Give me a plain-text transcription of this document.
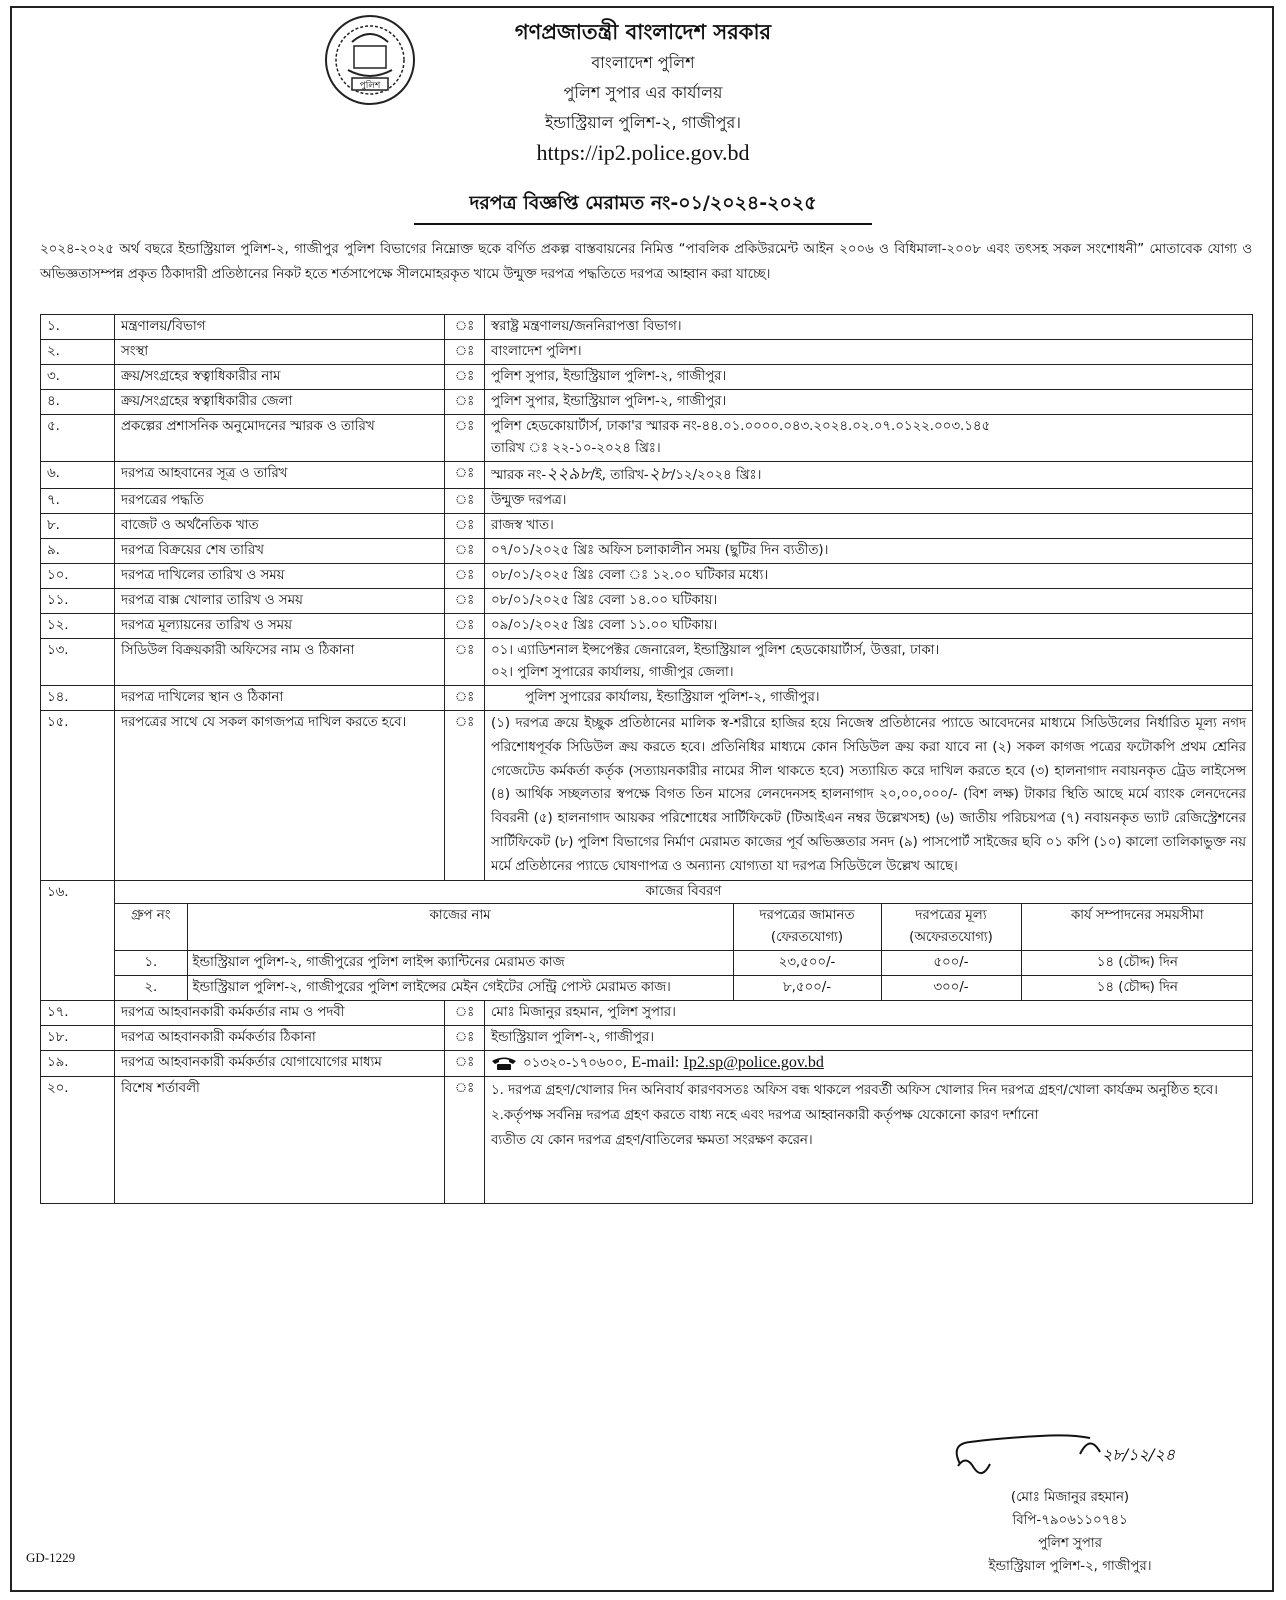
পুলিশ
গণপ্রজাতন্ত্রী বাংলাদেশ সরকার
বাংলাদেশ পুলিশ
পুলিশ সুপার এর কার্যালয়
ইন্ডাস্ট্রিয়াল পুলিশ-২, গাজীপুর।
https://ip2.police.gov.bd
দরপত্র বিজ্ঞপ্তি মেরামত নং-০১/২০২৪-২০২৫
২০২৪-২০২৫ অর্থ বছরে ইন্ডাস্ট্রিয়াল পুলিশ-২, গাজীপুর পুলিশ বিভাগের নিম্নোক্ত ছকে বর্ণিত প্রকল্প বাস্তবায়নের নিমিত্ত “পাবলিক প্রকিউরমেন্ট আইন ২০০৬ ও বিধিমালা-২০০৮ এবং তৎসহ সকল সংশোধনী” মোতাবেক যোগ্য ও অভিজ্ঞতাসম্পন্ন প্রকৃত ঠিকাদারী প্রতিষ্ঠানের নিকট হতে শর্তসাপেক্ষে সীলমোহরকৃত খামে উন্মুক্ত দরপত্র পদ্ধতিতে দরপত্র আহ্বান করা যাচ্ছে।
১.	মন্ত্রণালয়/বিভাগ	ঃ	স্বরাষ্ট্র মন্ত্রণালয়/জননিরাপত্তা বিভাগ।
২.	সংস্থা	ঃ	বাংলাদেশ পুলিশ।
৩.	ক্রয়/সংগ্রহের স্বত্বাধিকারীর নাম	ঃ	পুলিশ সুপার, ইন্ডাস্ট্রিয়াল পুলিশ-২, গাজীপুর।
৪.	ক্রয়/সংগ্রহের স্বত্বাধিকারীর জেলা	ঃ	পুলিশ সুপার, ইন্ডাস্ট্রিয়াল পুলিশ-২, গাজীপুর।
৫.	প্রকল্পের প্রশাসনিক অনুমোদনের স্মারক ও তারিখ	ঃ	পুলিশ হেডকোয়ার্টার্স, ঢাকা'র স্মারক নং-৪৪.০১.০০০০.০৪৩.২০২৪.০২.০৭.০১২২.০০৩.১৪৫
তারিখ ঃ ২২-১০-২০২৪ খ্রিঃ।

৬.	দরপত্র আহবানের সূত্র ও তারিখ	ঃ	স্মারক নং-২২৯৮/ই, তারিখ-২৮/১২/২০২৪ খ্রিঃ।
৭.	দরপত্রের পদ্ধতি	ঃ	উন্মুক্ত দরপত্র।
৮.	বাজেট ও অর্থনৈতিক খাত	ঃ	রাজস্ব খাত।
৯.	দরপত্র বিক্রয়ের শেষ তারিখ	ঃ	০৭/০১/২০২৫ খ্রিঃ অফিস চলাকালীন সময় (ছুটির দিন ব্যতীত)।
১০.	দরপত্র দাখিলের তারিখ ও সময়	ঃ	০৮/০১/২০২৫ খ্রিঃ বেলা ঃ ১২.০০ ঘটিকার মধ্যে।
১১.	দরপত্র বাক্স খোলার তারিখ ও সময়	ঃ	০৮/০১/২০২৫ খ্রিঃ বেলা ১৪.০০ ঘটিকায়।
১২.	দরপত্র মূল্যায়নের তারিখ ও সময়	ঃ	০৯/০১/২০২৫ খ্রিঃ বেলা ১১.০০ ঘটিকায়।
১৩.	সিডিউল বিক্রয়কারী অফিসের নাম ও ঠিকানা	ঃ	০১। এ্যাডিশনাল ইন্সপেক্টর জেনারেল, ইন্ডাস্ট্রিয়াল পুলিশ হেডকোয়ার্টার্স, উত্তরা, ঢাকা।
০২। পুলিশ সুপারের কার্যালয়, গাজীপুর জেলা।

১৪.	দরপত্র দাখিলের স্থান ও ঠিকানা	ঃ	পুলিশ সুপারের কার্যালয়, ইন্ডাস্ট্রিয়াল পুলিশ-২, গাজীপুর।
১৫.	দরপত্রের সাথে যে সকল কাগজপত্র দাখিল করতে হবে।	ঃ	(১) দরপত্র ক্রয়ে ইচ্ছুক প্রতিষ্ঠানের মালিক স্ব-শরীরে হাজির হয়ে নিজেস্ব প্রতিষ্ঠানের প্যাডে আবেদনের মাধ্যমে সিডিউলের নির্ধারিত মূল্য নগদ পরিশোধপূর্বক সিডিউল ক্রয় করতে হবে। প্রতিনিধির মাধ্যমে কোন সিডিউল ক্রয় করা যাবে না (২) সকল কাগজ পত্রের ফটোকপি প্রথম শ্রেনির গেজেটেড কর্মকর্তা কর্তৃক (সত্যায়নকারীর নামের সীল থাকতে হবে) সত্যায়িত করে দাখিল করতে হবে (৩) হালনাগাদ নবায়নকৃত ট্রেড লাইসেন্স (৪) আর্থিক সচ্ছলতার স্বপক্ষে বিগত তিন মাসের লেনদেনসহ হালনাগাদ ২০,০০,০০০/- (বিশ লক্ষ) টাকার স্থিতি আছে মর্মে ব্যাংক লেনদেনের বিবরনী (৫) হালনাগাদ আয়কর পরিশোধের সার্টিফিকেট (টিআইএন নম্বর উল্লেখসহ) (৬) জাতীয় পরিচয়পত্র (৭) নবায়নকৃত ভ্যাট রেজিস্ট্রেশনের সার্টিফিকেট (৮) পুলিশ বিভাগের নির্মাণ মেরামত কাজের পূর্ব অভিজ্ঞতার সনদ (৯) পাসপোর্ট সাইজের ছবি ০১ কপি (১০) কালো তালিকাভুক্ত নয় মর্মে প্রতিষ্ঠানের প্যাডে ঘোষণাপত্র ও অন্যান্য যোগ্যতা যা দরপত্র সিডিউলে উল্লেখ আছে।
১৬.	কাজের বিবরণ
গ্রুপ নং	কাজের নাম	দরপত্রের জামানত (ফেরতযোগ্য)	দরপত্রের মূল্য (অফেরতযোগ্য)	কার্য সম্পাদনের সময়সীমা
১.	ইন্ডাস্ট্রিয়াল পুলিশ-২, গাজীপুরের পুলিশ লাইন্স ক্যান্টিনের মেরামত কাজ	২৩,৫০০/-	৫০০/-	১৪ (চৌদ্দ) দিন
২.	ইন্ডাস্ট্রিয়াল পুলিশ-২, গাজীপুরের পুলিশ লাইন্সের মেইন গেইটের সেন্ট্রি পোস্ট মেরামত কাজ।	৮,৫০০/-	৩০০/-	১৪ (চৌদ্দ) দিন

১৭.	দরপত্র আহবানকারী কর্মকর্তার নাম ও পদবী	ঃ	মোঃ মিজানুর রহমান, পুলিশ সুপার।
১৮.	দরপত্র আহবানকারী কর্মকর্তার ঠিকানা	ঃ	ইন্ডাস্ট্রিয়াল পুলিশ-২, গাজীপুর।
১৯.	দরপত্র আহবানকারী কর্মকর্তার যোগাযোগের মাধ্যম	ঃ	০১৩২০-১৭০৬০০, E-mail: Ip2.sp@police.gov.bd
২০.	বিশেষ শর্তাবলী	ঃ	১. দরপত্র গ্রহণ/খোলার দিন অনিবার্য কারণবসতঃ অফিস বন্ধ থাকলে পরবর্তী অফিস খোলার দিন দরপত্র গ্রহণ/খোলা কার্যক্রম অনুষ্ঠিত হবে।
২.কর্তৃপক্ষ সর্বনিম্ন দরপত্র গ্রহণ করতে বাধ্য নহে এবং দরপত্র আহ্বানকারী কর্তৃপক্ষ যেকোনো কারণ দর্শানো
ব্যতীত যে কোন দরপত্র গ্রহণ/বাতিলের ক্ষমতা সংরক্ষণ করেন।
২৮/১২/২৪
(মোঃ মিজানুর রহমান)
বিপি-৭৯০৬১১০৭৪১
পুলিশ সুপার
ইন্ডাস্ট্রিয়াল পুলিশ-২, গাজীপুর।
GD-1229
